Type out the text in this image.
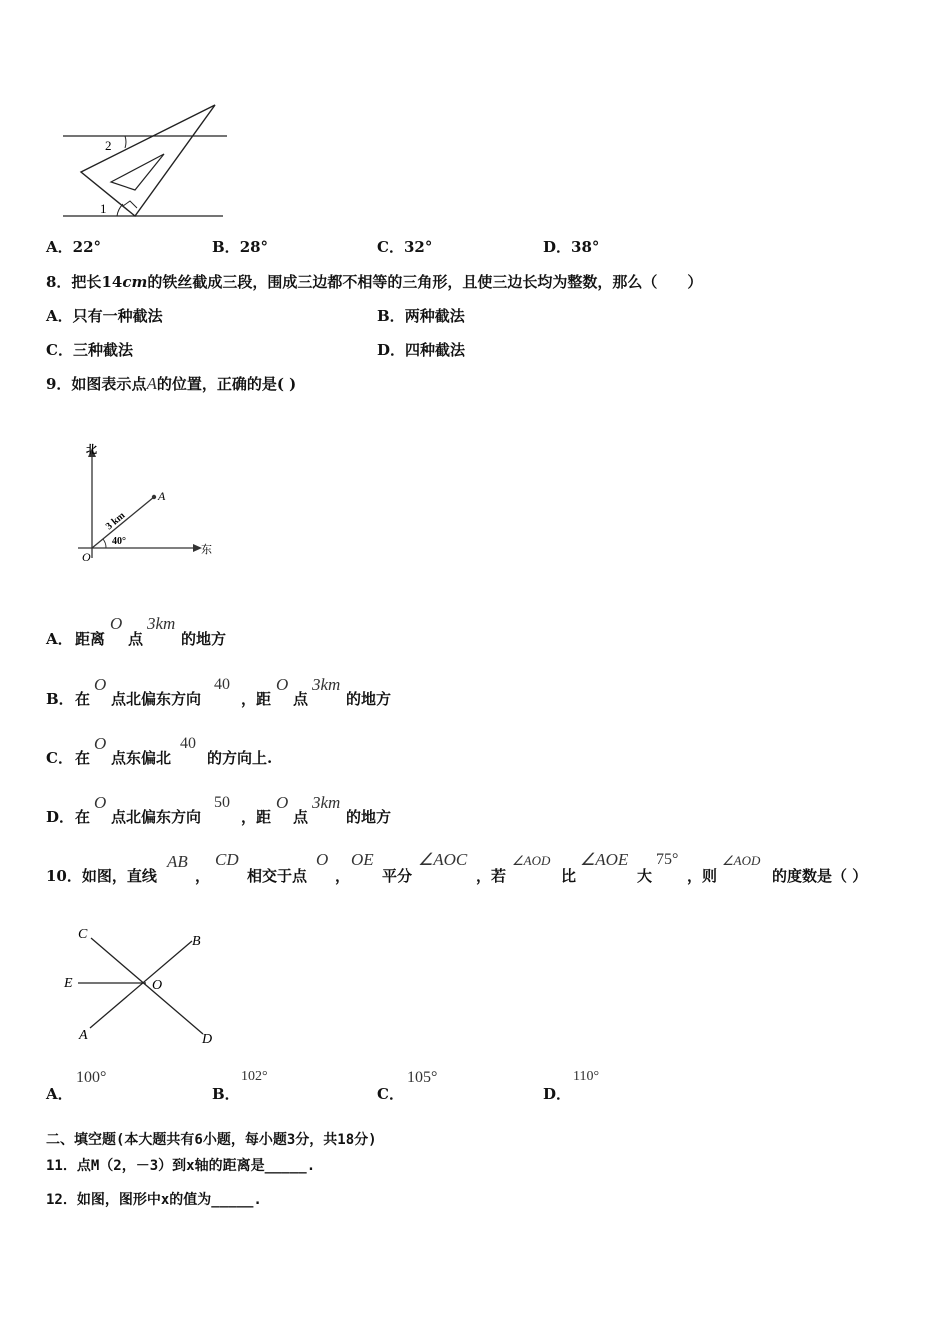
2
1
A．22°	B．28°	C．32°	D．38°
8．把长14cm的铁丝截成三段，围成三边都不相等的三角形，且使三边长均为整数，那么（　　）
A．只有一种截法	B．两种截法
C．三种截法	D．四种截法
9．如图表示点A的位置，正确的是( )
北
东
O
A
3 km
40°
A． 距离
O
点
3km
的地方
B． 在
O
点北偏东方向
40
，距
O
点
3km
的地方
C． 在
O
点东偏北
40
的方向上.
D． 在
O
点北偏东方向
50
，距
O
点
3km
的地方
10．如图，直线
AB
，
CD
相交于点
O
，
OE
平分
∠AOC
，若
∠AOD
比
∠AOE
大
75°
，则
∠AOD
的度数是（ ）
C	B
E	O
A	D
A．
100°
B．
102°
C．
105°
D．
110°
二、填空题(本大题共有6小题，每小题3分，共18分)
11．点M（2，－3）到x轴的距离是_____.
12．如图，图形中x的值为_____.
